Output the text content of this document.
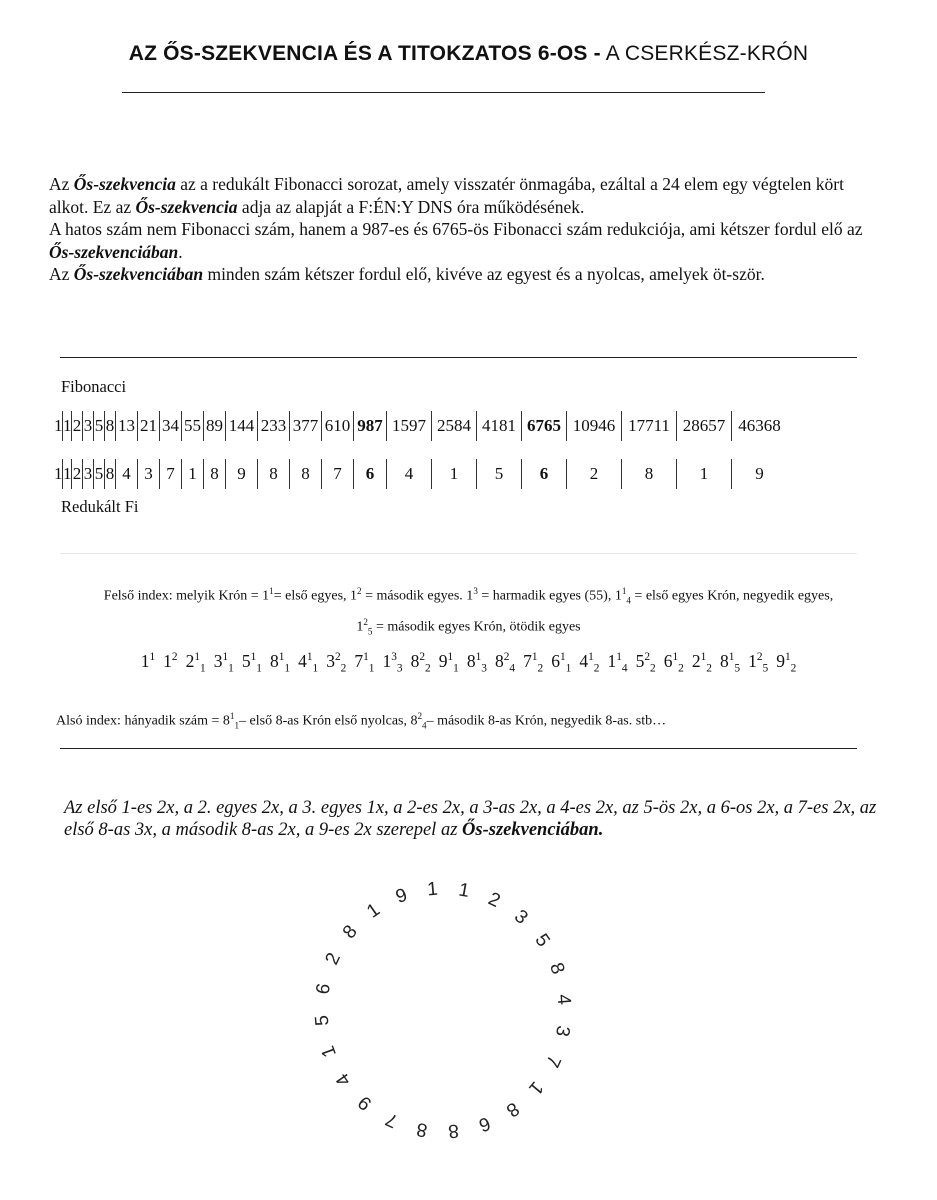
AZ ŐS-SZEKVENCIA ÉS A TITOKZATOS 6-OS - A CSERKÉSZ-KRÓN

Az Ős-szekvencia az a redukált Fibonacci sorozat, amely visszatér önmagába, ezáltal a 24 elem egy végtelen kört alkot. Ez az Ős-szekvencia adja az alapját a F:ÉN:Y DNS óra működésének.

A hatos szám nem Fibonacci szám, hanem a 987-es és 6765-ös Fibonacci szám redukciója, ami kétszer fordul elő az Ős-szekvenciában.

Az Ős-szekvenciában minden szám kétszer fordul elő, kivéve az egyest és a nyolcas, amelyek öt-ször.

Fibonacci
1 1 2 3 5 8 13 21 34 55 89 144 233 377 610 987 1597 2584 4181 6765 10946 17711 28657 46368
1 1 2 3 5 8 4 3 7 1 8	9	8	8	7	6	4	1	5	6	2	8	1	9
Redukált Fi
Felső index: melyik Krón = $1^1=$ első egyes, $1^2$ = második egyes. $1^3$ = harmadik egyes (55), $1^1_4$ = első egyes Krón, negyedik egyes,
$1^2_5$ = második egyes Krón, ötödik egyes
$1^1$ $1^2$ $2^1_1$ $3^1_1$ $5^1_1$ $8^1_1$ $4^1_1$ $3^2_2$ $7^1_1$ $1^3_3$ $8^2_2$ $9^1_1$ $8^1_3$ $8^2_4$ $7^1_2$ $6^1_1$ $4^1_2$ $1^1_4$ $5^2_2$ $6^1_2$ $2^1_2$ $8^1_5$ $1^2_5$ $9^1_2$
Alsó index: hányadik szám = $8^1_1-$ első 8-as Krón első nyolcas, $8^2_4-$ második 8-as Krón, negyedik 8-as. stb…
Az első 1-es 2x, a 2. egyes 2x, a 3. egyes 1x, a 2-es 2x, a 3-as 2x, a 4-es 2x, az 5-ös 2x, a 6-os 2x, a 7-es 2x, az első 8-as 3x, a második 8-as 2x, a 9-es 2x szerepel az Ős-szekvenciában.
1 1 2
3
5
8
4
3
7
1
8
6
8
8
7
9
4
1
5
6
2
8
1
9
